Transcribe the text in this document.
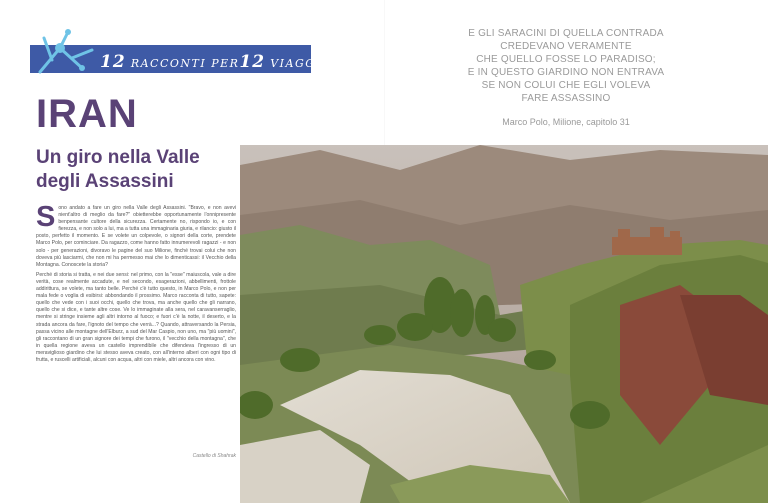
12 RACCONTI PER12 VIAGGI
IRAN
Un giro nella Valle degli Assassini

Sono andato a fare un giro nella Valle degli Assassini. "Bravo, e non avevi nient'altro di meglio da fare?" obietterebbe opportunamente l'onnipresente benpensante cultore della sicurezza. Certamente no, rispondo io, e con fierezza, e non solo a lui, ma a tutta una immaginaria giuria, e rilancio: giusto il posto, perfetto il momento. E se volete un colpevole, o signori della corte, prendete Marco Polo, per cominciare. Da ragazzo, come hanno fatto innumerevoli ragazzi - e non solo - per generazioni, divoravo le pagine del suo Milione, finché trovai colui che non doveva più lasciarmi, che non mi ha permesso mai che lo dimenticassi: il Vecchio della Montagna. Conoscete la storia?

Perché di storia si tratta, e nei due sensi: nel primo, con la "esse" maiuscola, vale a dire verità, cose realmente accadute, e nel secondo, esagerazioni, abbellimenti, frottole addirittura, se volete, ma tanto belle. Perché c'è tutto questo, in Marco Polo, e non per mala fede o voglia di esibirsi: abbondando il prossimo. Marco racconta di tutto, sapete: quello che vede con i suoi occhi, quello che trova, ma anche quello che gli narrano, quello che si dice, e tante altre cose. Ve lo immaginate alla sera, nel caravanserraglio, mentre si stringe insieme agli altri intorno al fuoco; e fuori c'è la notte, il deserto, e la strada ancora da fare, l'ignoto del tempo che verrà...? Quando, attraversando la Persia, passa vicino alle montagne dell'Elburz, a sud del Mar Caspio, non uno, ma "più uomini", gli raccontano di un gran signore dei tempi che furono, il "vecchio della montagna", che in quella regione aveva un castello imprendibile che difendeva l'ingresso di un meraviglioso giardino che lui stesso aveva creato, con all'interno alberi con ogni tipo di frutta, e ruscelli artificiali, alcuni con acqua, altri con miele, altri ancora con vino.

Castello di Shahrak
E GLI SARACINI DI QUELLA CONTRADA
CREDEVANO VERAMENTE
CHE QUELLO FOSSE LO PARADISO;
E IN QUESTO GIARDINO NON ENTRAVA
SE NON COLUI CHE EGLI VOLEVA
FARE ASSASSINO
Marco Polo, Milione, capitolo 31
